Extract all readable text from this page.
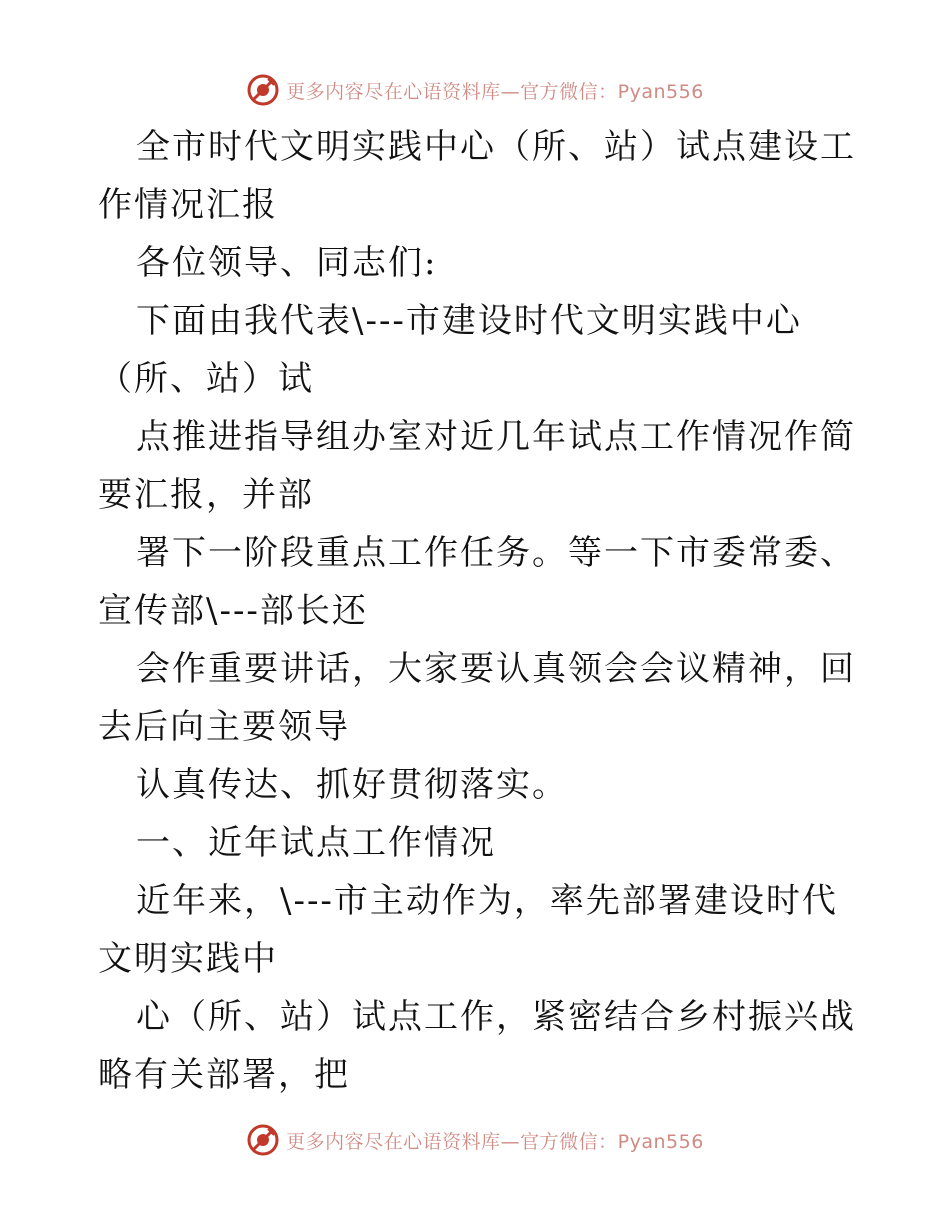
更多内容尽在心语资料库—官方微信：Pyan556

全市时代文明实践中心（所、站）试点建设工作情况汇报

各位领导、同志们:

下面由我代表\---市建设时代文明实践中心（所、站）试

点推进指导组办室对近几年试点工作情况作简要汇报，并部

署下一阶段重点工作任务。等一下市委常委、宣传部\---部长还

会作重要讲话，大家要认真领会会议精神，回去后向主要领导

认真传达、抓好贯彻落实。

一、近年试点工作情况

近年来，\---市主动作为，率先部署建设时代文明实践中

心（所、站）试点工作，紧密结合乡村振兴战略有关部署，把

更多内容尽在心语资料库—官方微信：Pyan556
